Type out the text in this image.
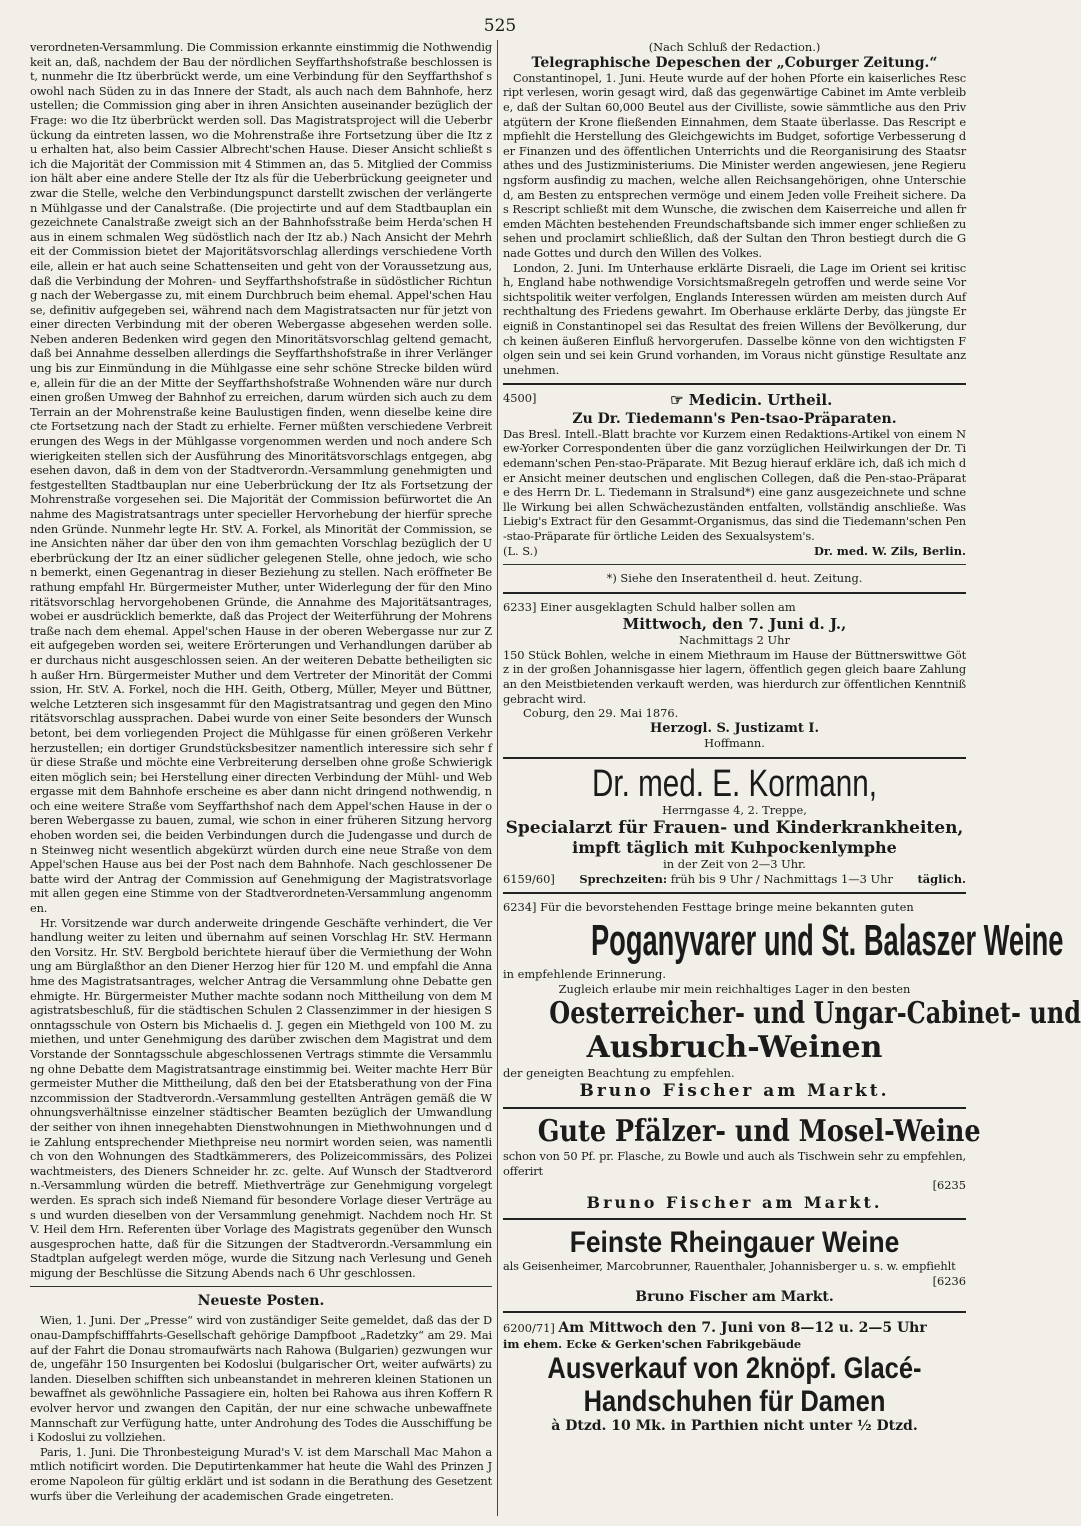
525

verordneten-Versammlung. Die Commission erkannte einstimmig die Nothwendigkeit an, daß, nachdem der Bau der nördlichen Seyffarthshofstraße beschlossen ist, nunmehr die Itz überbrückt werde, um eine Verbindung für den Seyffarthshof sowohl nach Süden zu in das Innere der Stadt, als auch nach dem Bahnhofe, herzustellen; die Commission ging aber in ihren Ansichten auseinander bezüglich der Frage: wo die Itz überbrückt werden soll. Das Magistratsproject will die Ueberbrückung da eintreten lassen, wo die Mohrenstraße ihre Fortsetzung über die Itz zu erhalten hat, also beim Cassier Albrecht'schen Hause. Dieser Ansicht schließt sich die Majorität der Commission mit 4 Stimmen an, das 5. Mitglied der Commission hält aber eine andere Stelle der Itz als für die Ueberbrückung geeigneter und zwar die Stelle, welche den Verbindungspunct darstellt zwischen der verlängerten Mühlgasse und der Canalstraße. (Die projectirte und auf dem Stadtbauplan eingezeichnete Canalstraße zweigt sich an der Bahnhofsstraße beim Herda'schen Haus in einem schmalen Weg südöstlich nach der Itz ab.) Nach Ansicht der Mehrheit der Commission bietet der Majoritätsvorschlag allerdings verschiedene Vortheile, allein er hat auch seine Schattenseiten und geht von der Voraussetzung aus, daß die Verbindung der Mohren- und Seyffarthshofstraße in südöstlicher Richtung nach der Webergasse zu, mit einem Durchbruch beim ehemal. Appel'schen Hause, definitiv aufgegeben sei, während nach dem Magistratsacten nur für jetzt von einer directen Verbindung mit der oberen Webergasse abgesehen werden solle. Neben anderen Bedenken wird gegen den Minoritätsvorschlag geltend gemacht, daß bei Annahme desselben allerdings die Seyffarthshofstraße in ihrer Verlängerung bis zur Einmündung in die Mühlgasse eine sehr schöne Strecke bilden würde, allein für die an der Mitte der Seyffarthshofstraße Wohnenden wäre nur durch einen großen Umweg der Bahnhof zu erreichen, darum würden sich auch zu dem Terrain an der Mohrenstraße keine Baulustigen finden, wenn dieselbe keine directe Fortsetzung nach der Stadt zu erhielte. Ferner müßten verschiedene Verbreiterungen des Wegs in der Mühlgasse vorgenommen werden und noch andere Schwierigkeiten stellen sich der Ausführung des Minoritätsvorschlags entgegen, abgesehen davon, daß in dem von der Stadtverordn.-Versammlung genehmigten und festgestellten Stadtbauplan nur eine Ueberbrückung der Itz als Fortsetzung der Mohrenstraße vorgesehen sei. Die Majorität der Commission befürwortet die Annahme des Magistratsantrags unter specieller Hervorhebung der hierfür sprechenden Gründe. Nunmehr legte Hr. StV. A. Forkel, als Minorität der Commission, seine Ansichten näher dar über den von ihm gemachten Vorschlag bezüglich der Ueberbrückung der Itz an einer südlicher gelegenen Stelle, ohne jedoch, wie schon bemerkt, einen Gegenantrag in dieser Beziehung zu stellen. Nach eröffneter Berathung empfahl Hr. Bürgermeister Muther, unter Widerlegung der für den Minoritätsvorschlag hervorgehobenen Gründe, die Annahme des Majoritätsantrages, wobei er ausdrücklich bemerkte, daß das Project der Weiterführung der Mohrenstraße nach dem ehemal. Appel'schen Hause in der oberen Webergasse nur zur Zeit aufgegeben worden sei, weitere Erörterungen und Verhandlungen darüber aber durchaus nicht ausgeschlossen seien. An der weiteren Debatte betheiligten sich außer Hrn. Bürgermeister Muther und dem Vertreter der Minorität der Commission, Hr. StV. A. Forkel, noch die HH. Geith, Otberg, Müller, Meyer und Büttner, welche Letzteren sich insgesammt für den Magistratsantrag und gegen den Minoritätsvorschlag aussprachen. Dabei wurde von einer Seite besonders der Wunsch betont, bei dem vorliegenden Project die Mühlgasse für einen größeren Verkehr herzustellen; ein dortiger Grundstücksbesitzer namentlich interessire sich sehr für diese Straße und möchte eine Verbreiterung derselben ohne große Schwierigkeiten möglich sein; bei Herstellung einer directen Verbindung der Mühl- und Webergasse mit dem Bahnhofe erscheine es aber dann nicht dringend nothwendig, noch eine weitere Straße vom Seyffarthshof nach dem Appel'schen Hause in der oberen Webergasse zu bauen, zumal, wie schon in einer früheren Sitzung hervorgehoben worden sei, die beiden Verbindungen durch die Judengasse und durch den Steinweg nicht wesentlich abgekürzt würden durch eine neue Straße von dem Appel'schen Hause aus bei der Post nach dem Bahnhofe. Nach geschlossener Debatte wird der Antrag der Commission auf Genehmigung der Magistratsvorlage mit allen gegen eine Stimme von der Stadtverordneten-Versammlung angenommen.

Hr. Vorsitzende war durch anderweite dringende Geschäfte verhindert, die Verhandlung weiter zu leiten und übernahm auf seinen Vorschlag Hr. StV. Hermann den Vorsitz. Hr. StV. Bergbold berichtete hierauf über die Vermiethung der Wohnung am Bürglaßthor an den Diener Herzog hier für 120 M. und empfahl die Annahme des Magistratsantrages, welcher Antrag die Versammlung ohne Debatte genehmigte. Hr. Bürgermeister Muther machte sodann noch Mittheilung von dem Magistratsbeschluß, für die städtischen Schulen 2 Classenzimmer in der hiesigen Sonntagsschule von Ostern bis Michaelis d. J. gegen ein Miethgeld von 100 M. zu miethen, und unter Genehmigung des darüber zwischen dem Magistrat und dem Vorstande der Sonntagsschule abgeschlossenen Vertrags stimmte die Versammlung ohne Debatte dem Magistratsantrage einstimmig bei. Weiter machte Herr Bürgermeister Muther die Mittheilung, daß den bei der Etatsberathung von der Finanzcommission der Stadtverordn.-Versammlung gestellten Anträgen gemäß die Wohnungsverhältnisse einzelner städtischer Beamten bezüglich der Umwandlung der seither von ihnen innegehabten Dienstwohnungen in Miethwohnungen und die Zahlung entsprechender Miethpreise neu normirt worden seien, was namentlich von den Wohnungen des Stadtkämmerers, des Polizeicommissärs, des Polizeiwachtmeisters, des Dieners Schneider hr. zc. gelte. Auf Wunsch der Stadtverordn.-Versammlung würden die betreff. Miethverträge zur Genehmigung vorgelegt werden. Es sprach sich indeß Niemand für besondere Vorlage dieser Verträge aus und wurden dieselben von der Versammlung genehmigt. Nachdem noch Hr. StV. Heil dem Hrn. Referenten über Vorlage des Magistrats gegenüber den Wunsch ausgesprochen hatte, daß für die Sitzungen der Stadtverordn.-Versammlung ein Stadtplan aufgelegt werden möge, wurde die Sitzung nach Verlesung und Genehmigung der Beschlüsse die Sitzung Abends nach 6 Uhr geschlossen.

Neueste Posten.

Wien, 1. Juni. Der „Presse“ wird von zuständiger Seite gemeldet, daß das der Donau-Dampfschifffahrts-Gesellschaft gehörige Dampfboot „Radetzky“ am 29. Mai auf der Fahrt die Donau stromaufwärts nach Rahowa (Bulgarien) gezwungen wurde, ungefähr 150 Insurgenten bei Kodoslui (bulgarischer Ort, weiter aufwärts) zu landen. Dieselben schifften sich unbeanstandet in mehreren kleinen Stationen unbewaffnet als gewöhnliche Passagiere ein, holten bei Rahowa aus ihren Koffern Revolver hervor und zwangen den Capitän, der nur eine schwache unbewaffnete Mannschaft zur Verfügung hatte, unter Androhung des Todes die Ausschiffung bei Kodoslui zu vollziehen.

Paris, 1. Juni. Die Thronbesteigung Murad's V. ist dem Marschall Mac Mahon amtlich notificirt worden. Die Deputirtenkammer hat heute die Wahl des Prinzen Jerome Napoleon für gültig erklärt und ist sodann in die Berathung des Gesetzentwurfs über die Verleihung der academischen Grade eingetreten.

(Nach Schluß der Redaction.)
Telegraphische Depeschen der „Coburger Zeitung.“

Constantinopel, 1. Juni. Heute wurde auf der hohen Pforte ein kaiserliches Rescript verlesen, worin gesagt wird, daß das gegenwärtige Cabinet im Amte verbleibe, daß der Sultan 60,000 Beutel aus der Civilliste, sowie sämmtliche aus den Privatgütern der Krone fließenden Einnahmen, dem Staate überlasse. Das Rescript empfiehlt die Herstellung des Gleichgewichts im Budget, sofortige Verbesserung der Finanzen und des öffentlichen Unterrichts und die Reorganisirung des Staatsrathes und des Justizministeriums. Die Minister werden angewiesen, jene Regierungsform ausfindig zu machen, welche allen Reichsangehörigen, ohne Unterschied, am Besten zu entsprechen vermöge und einem Jeden volle Freiheit sichere. Das Rescript schließt mit dem Wunsche, die zwischen dem Kaiserreiche und allen fremden Mächten bestehenden Freundschaftsbande sich immer enger schließen zu sehen und proclamirt schließlich, daß der Sultan den Thron bestiegt durch die Gnade Gottes und durch den Willen des Volkes.

London, 2. Juni. Im Unterhause erklärte Disraeli, die Lage im Orient sei kritisch, England habe nothwendige Vorsichtsmaßregeln getroffen und werde seine Vorsichtspolitik weiter verfolgen, Englands Interessen würden am meisten durch Aufrechthaltung des Friedens gewahrt. Im Oberhause erklärte Derby, das jüngste Ereigniß in Constantinopel sei das Resultat des freien Willens der Bevölkerung, durch keinen äußeren Einfluß hervorgerufen. Dasselbe könne von den wichtigsten Folgen sein und sei kein Grund vorhanden, im Voraus nicht günstige Resultate anzunehmen.

4500]	☞ Medicin. Urtheil.
Zu Dr. Tiedemann's Pen-tsao-Präparaten.

Das Bresl. Intell.-Blatt brachte vor Kurzem einen Redaktions-Artikel von einem New-Yorker Correspondenten über die ganz vorzüglichen Heilwirkungen der Dr. Tiedemann'schen Pen-stao-Präparate. Mit Bezug hierauf erkläre ich, daß ich mich der Ansicht meiner deutschen und englischen Collegen, daß die Pen-stao-Präparate des Herrn Dr. L. Tiedemann in Stralsund*) eine ganz ausgezeichnete und schnelle Wirkung bei allen Schwächezuständen entfalten, vollständig anschließe. Was Liebig's Extract für den Gesammt-Organismus, das sind die Tiedemann'schen Pen-stao-Präparate für örtliche Leiden des Sexualsystem's.

(L. S.)	Dr. med. W. Zils, Berlin.
*) Siehe den Inseratentheil d. heut. Zeitung.
6233] Einer ausgeklagten Schuld halber sollen am
Mittwoch, den 7. Juni d. J.,
Nachmittags 2 Uhr

150 Stück Bohlen, welche in einem Miethraum im Hause der Büttnerswittwe Götz in der großen Johannisgasse hier lagern, öffentlich gegen gleich baare Zahlung an den Meistbietenden verkauft werden, was hierdurch zur öffentlichen Kenntniß gebracht wird.

Coburg, den 29. Mai 1876.
Herzogl. S. Justizamt I.
Hoffmann.
Dr. med. E. Kormann,
Herrngasse 4, 2. Treppe,
Specialarzt für Frauen- und Kinderkrankheiten,
impft täglich mit Kuhpockenlymphe
in der Zeit von 2—3 Uhr.
6159/60] Sprechzeiten: früh bis 9 Uhr / Nachmittags 1—3 Uhr täglich.
6234] Für die bevorstehenden Festtage bringe meine bekannten guten
Poganyvarer und St. Balaszer Weine
in empfehlende Erinnerung.
Zugleich erlaube mir mein reichhaltiges Lager in den besten
Oesterreicher- und Ungar-Cabinet- und
Ausbruch-Weinen
der geneigten Beachtung zu empfehlen.
Bruno Fischer am Markt.
Gute Pfälzer- und Mosel-Weine

schon von 50 Pf. pr. Flasche, zu Bowle und auch als Tischwein sehr zu empfehlen, offerirt

[6235
Bruno Fischer am Markt.
Feinste Rheingauer Weine

als Geisenheimer, Marcobrunner, Rauenthaler, Johannisberger u. s. w. empfiehlt

[6236
Bruno Fischer am Markt.
6200/71] Am Mittwoch den 7. Juni von 8—12 u. 2—5 Uhr
im ehem. Ecke & Gerken'schen Fabrikgebäude
Ausverkauf von 2knöpf. Glacé-
Handschuhen für Damen
à Dtzd. 10 Mk. in Parthien nicht unter ½ Dtzd.
